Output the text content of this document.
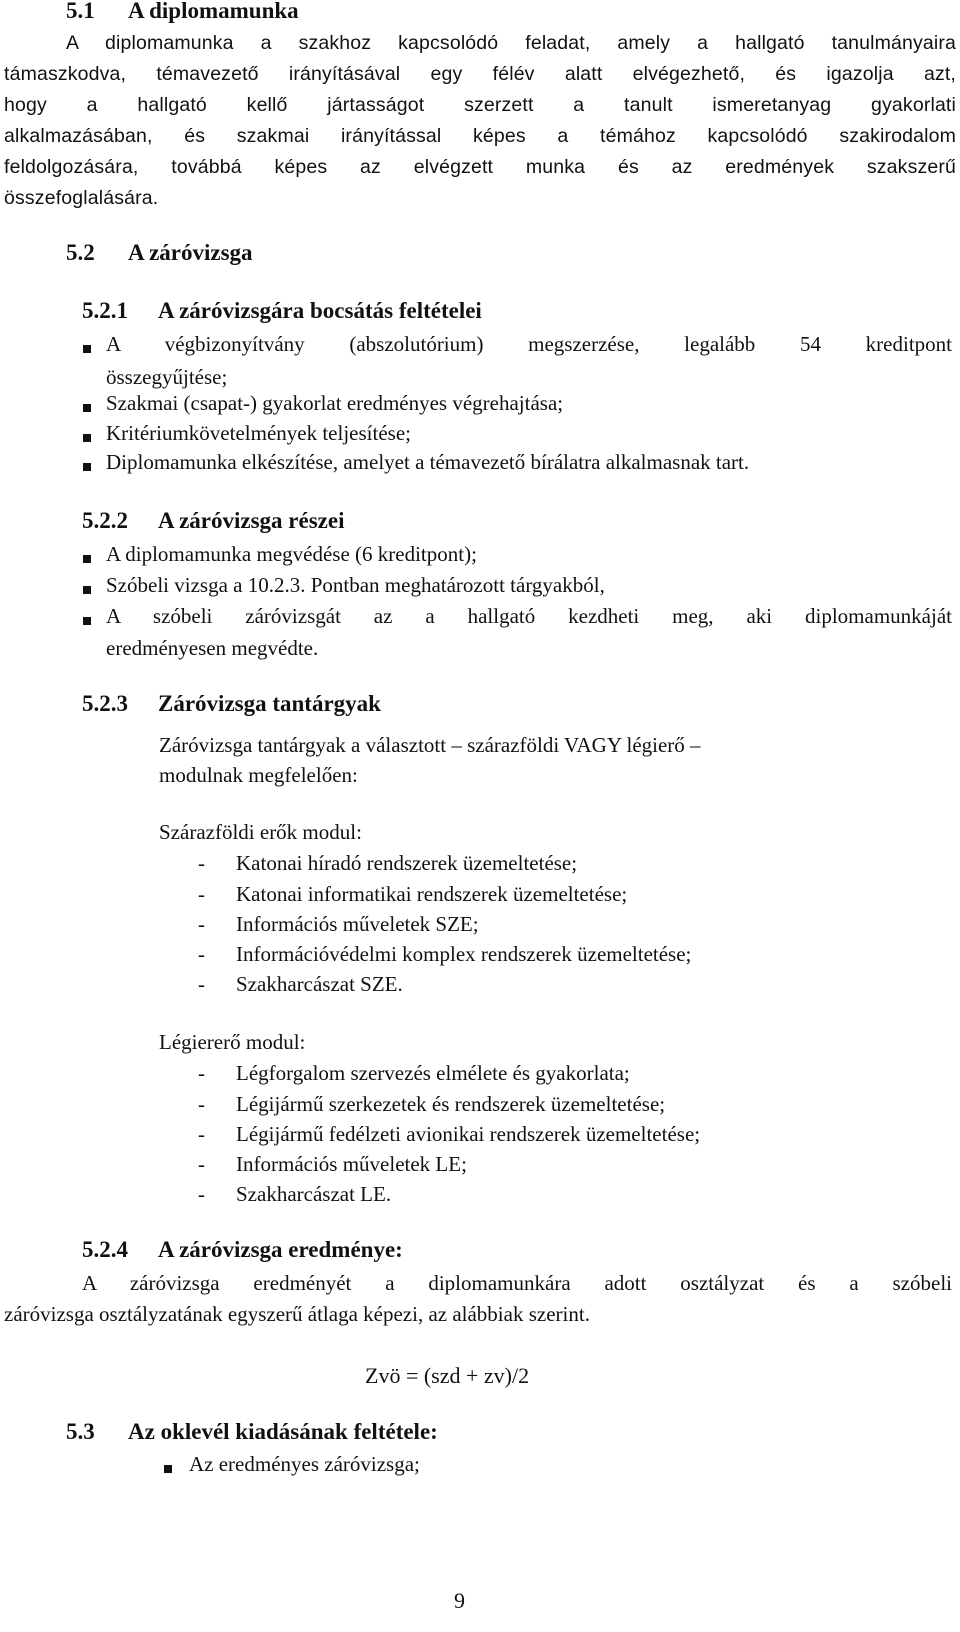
5.1 A diplomamunka
A diplomamunka a szakhoz kapcsolódó feladat, amely a hallgató tanulmányaira
támaszkodva, témavezető irányításával egy félév alatt elvégezhető, és igazolja azt,
hogy a hallgató kellő jártasságot szerzett a tanult ismeretanyag gyakorlati
alkalmazásában, és szakmai irányítással képes a témához kapcsolódó szakirodalom
feldolgozására, továbbá képes az elvégzett munka és az eredmények szakszerű
összefoglalására.
5.2 A záróvizsga
5.2.1 A záróvizsgára bocsátás feltételei
A végbizonyítvány (abszolutórium) megszerzése, legalább 54 kreditpont
összegyűjtése;
Szakmai (csapat-) gyakorlat eredményes végrehajtása;
Kritériumkövetelmények teljesítése;
Diplomamunka elkészítése, amelyet a témavezető bírálatra alkalmasnak tart.
5.2.2 A záróvizsga részei
A diplomamunka megvédése (6 kreditpont);
Szóbeli vizsga a 10.2.3. Pontban meghatározott tárgyakból,
A szóbeli záróvizsgát az a hallgató kezdheti meg, aki diplomamunkáját
eredményesen megvédte.
5.2.3 Záróvizsga tantárgyak
Záróvizsga tantárgyak a választott – szárazföldi VAGY légierő –
modulnak megfelelően:
Szárazföldi erők modul:
- Katonai híradó rendszerek üzemeltetése;
- Katonai informatikai rendszerek üzemeltetése;
- Információs műveletek SZE;
- Információvédelmi komplex rendszerek üzemeltetése;
- Szakharcászat SZE.
Légiererő modul:
- Légforgalom szervezés elmélete és gyakorlata;
- Légijármű szerkezetek és rendszerek üzemeltetése;
- Légijármű fedélzeti avionikai rendszerek üzemeltetése;
- Információs műveletek LE;
- Szakharcászat LE.
5.2.4 A záróvizsga eredménye:
A záróvizsga eredményét a diplomamunkára adott osztályzat és a szóbeli
záróvizsga osztályzatának egyszerű átlaga képezi, az alábbiak szerint.
Zvö = (szd + zv)/2
5.3 Az oklevél kiadásának feltétele:
Az eredményes záróvizsga;
9
